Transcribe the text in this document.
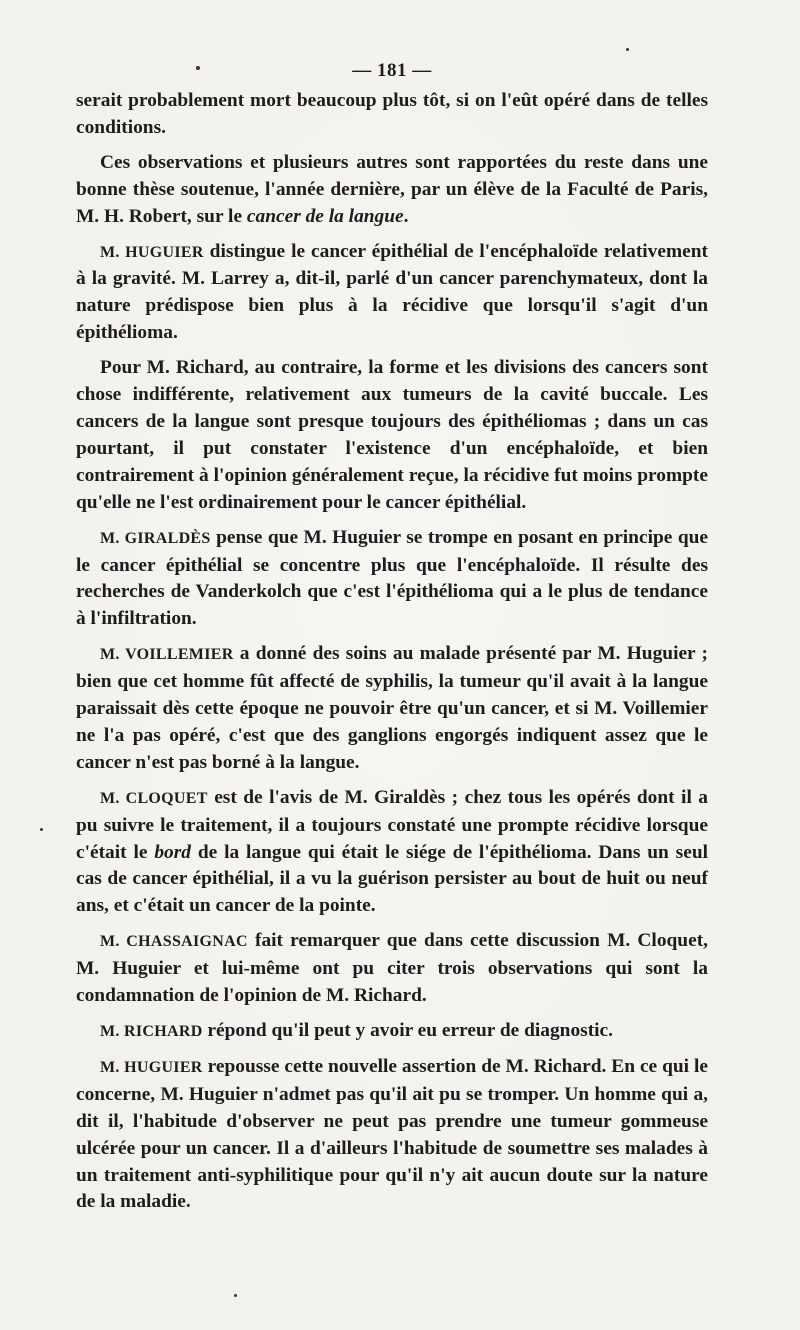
— 181 —

serait probablement mort beaucoup plus tôt, si on l'eût opéré dans de telles conditions.

Ces observations et plusieurs autres sont rapportées du reste dans une bonne thèse soutenue, l'année dernière, par un élève de la Faculté de Paris, M. H. Robert, sur le cancer de la langue.

M. HUGUIER distingue le cancer épithélial de l'encéphaloïde relativement à la gravité. M. Larrey a, dit-il, parlé d'un cancer parenchymateux, dont la nature prédispose bien plus à la récidive que lorsqu'il s'agit d'un épithélioma.

Pour M. Richard, au contraire, la forme et les divisions des cancers sont chose indifférente, relativement aux tumeurs de la cavité buccale. Les cancers de la langue sont presque toujours des épithéliomas ; dans un cas pourtant, il put constater l'existence d'un encéphaloïde, et bien contrairement à l'opinion généralement reçue, la récidive fut moins prompte qu'elle ne l'est ordinairement pour le cancer épithélial.

M. GIRALDÈS pense que M. Huguier se trompe en posant en principe que le cancer épithélial se concentre plus que l'encéphaloïde. Il résulte des recherches de Vanderkolch que c'est l'épithélioma qui a le plus de tendance à l'infiltration.

M. VOILLEMIER a donné des soins au malade présenté par M. Huguier ; bien que cet homme fût affecté de syphilis, la tumeur qu'il avait à la langue paraissait dès cette époque ne pouvoir être qu'un cancer, et si M. Voillemier ne l'a pas opéré, c'est que des ganglions engorgés indiquent assez que le cancer n'est pas borné à la langue.

M. CLOQUET est de l'avis de M. Giraldès ; chez tous les opérés dont il a pu suivre le traitement, il a toujours constaté une prompte récidive lorsque c'était le bord de la langue qui était le siége de l'épithélioma. Dans un seul cas de cancer épithélial, il a vu la guérison persister au bout de huit ou neuf ans, et c'était un cancer de la pointe.

M. CHASSAIGNAC fait remarquer que dans cette discussion M. Cloquet, M. Huguier et lui-même ont pu citer trois observations qui sont la condamnation de l'opinion de M. Richard.

M. RICHARD répond qu'il peut y avoir eu erreur de diagnostic.

M. HUGUIER repousse cette nouvelle assertion de M. Richard. En ce qui le concerne, M. Huguier n'admet pas qu'il ait pu se tromper. Un homme qui a, dit il, l'habitude d'observer ne peut pas prendre une tumeur gommeuse ulcérée pour un cancer. Il a d'ailleurs l'habitude de soumettre ses malades à un traitement anti-syphilitique pour qu'il n'y ait aucun doute sur la nature de la maladie.
